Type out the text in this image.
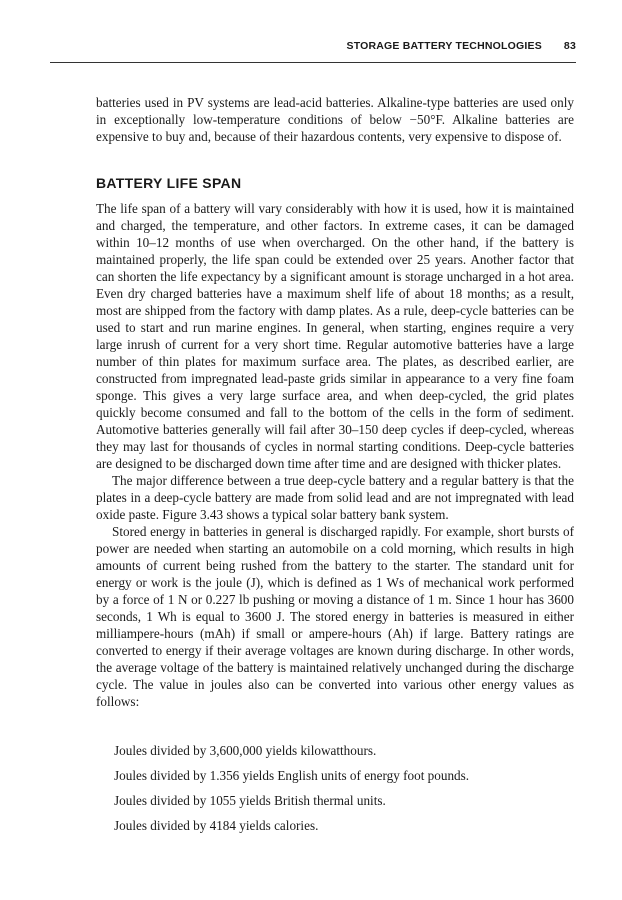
STORAGE BATTERY TECHNOLOGIES 83

batteries used in PV systems are lead-acid batteries. Alkaline-type batteries are used only in exceptionally low-temperature conditions of below −50°F. Alkaline batteries are expensive to buy and, because of their hazardous contents, very expensive to dispose of.

BATTERY LIFE SPAN

The life span of a battery will vary considerably with how it is used, how it is maintained and charged, the temperature, and other factors. In extreme cases, it can be damaged within 10–12 months of use when overcharged. On the other hand, if the battery is maintained properly, the life span could be extended over 25 years. Another factor that can shorten the life expectancy by a significant amount is storage uncharged in a hot area. Even dry charged batteries have a maximum shelf life of about 18 months; as a result, most are shipped from the factory with damp plates. As a rule, deep-cycle batteries can be used to start and run marine engines. In general, when starting, engines require a very large inrush of current for a very short time. Regular automotive batteries have a large number of thin plates for maximum surface area. The plates, as described earlier, are constructed from impregnated lead-paste grids similar in appearance to a very fine foam sponge. This gives a very large surface area, and when deep-cycled, the grid plates quickly become consumed and fall to the bottom of the cells in the form of sediment. Automotive batteries generally will fail after 30–150 deep cycles if deep-cycled, whereas they may last for thousands of cycles in normal starting conditions. Deep-cycle batteries are designed to be discharged down time after time and are designed with thicker plates.

The major difference between a true deep-cycle battery and a regular battery is that the plates in a deep-cycle battery are made from solid lead and are not impregnated with lead oxide paste. Figure 3.43 shows a typical solar battery bank system.

Stored energy in batteries in general is discharged rapidly. For example, short bursts of power are needed when starting an automobile on a cold morning, which results in high amounts of current being rushed from the battery to the starter. The standard unit for energy or work is the joule (J), which is defined as 1 Ws of mechanical work performed by a force of 1 N or 0.227 lb pushing or moving a distance of 1 m. Since 1 hour has 3600 seconds, 1 Wh is equal to 3600 J. The stored energy in batteries is measured in either milliampere-hours (mAh) if small or ampere-hours (Ah) if large. Battery ratings are converted to energy if their average voltages are known during discharge. In other words, the average voltage of the battery is maintained relatively unchanged during the discharge cycle. The value in joules also can be converted into various other energy values as follows:

Joules divided by 3,600,000 yields kilowatthours.
Joules divided by 1.356 yields English units of energy foot pounds.
Joules divided by 1055 yields British thermal units.
Joules divided by 4184 yields calories.
